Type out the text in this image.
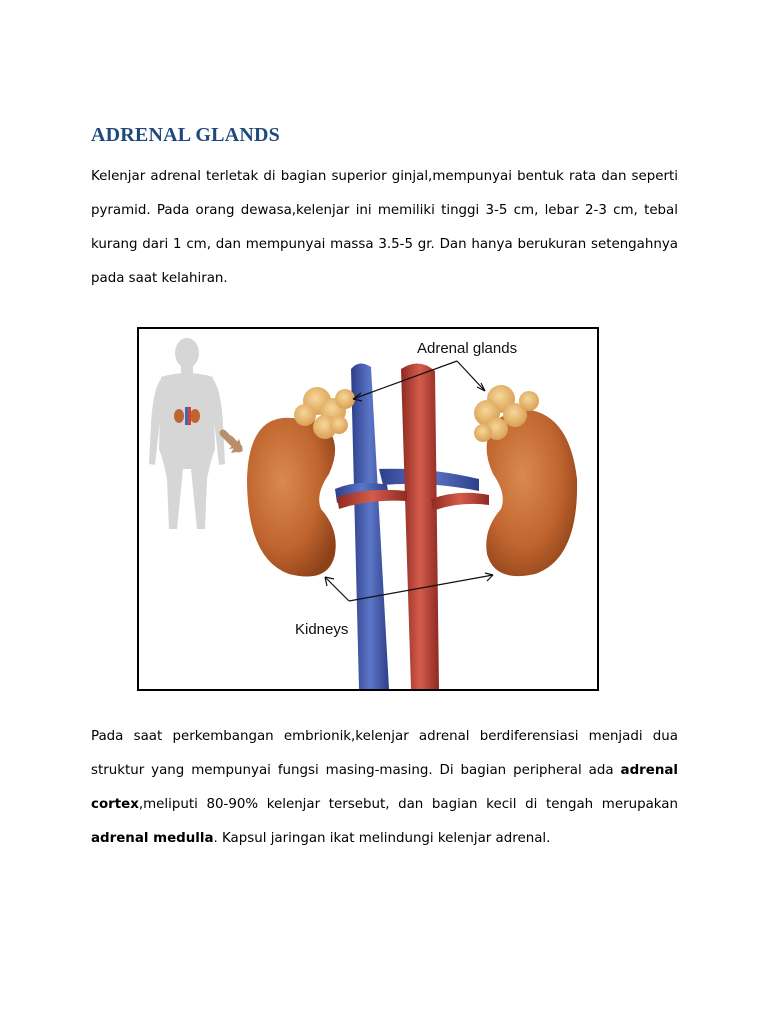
ADRENAL GLANDS
Kelenjar adrenal terletak di bagian superior ginjal,mempunyai bentuk rata dan seperti pyramid. Pada orang dewasa,kelenjar ini memiliki tinggi 3-5 cm, lebar 2-3 cm, tebal kurang dari 1 cm, dan mempunyai massa 3.5-5 gr. Dan hanya berukuran setengahnya pada saat kelahiran.
Adrenal glands
Kidneys
Pada saat perkembangan embrionik,kelenjar adrenal berdiferensiasi menjadi dua struktur yang mempunyai fungsi masing-masing. Di bagian peripheral ada adrenal cortex,meliputi 80-90% kelenjar tersebut, dan bagian kecil di tengah merupakan adrenal medulla. Kapsul jaringan ikat melindungi kelenjar adrenal.
